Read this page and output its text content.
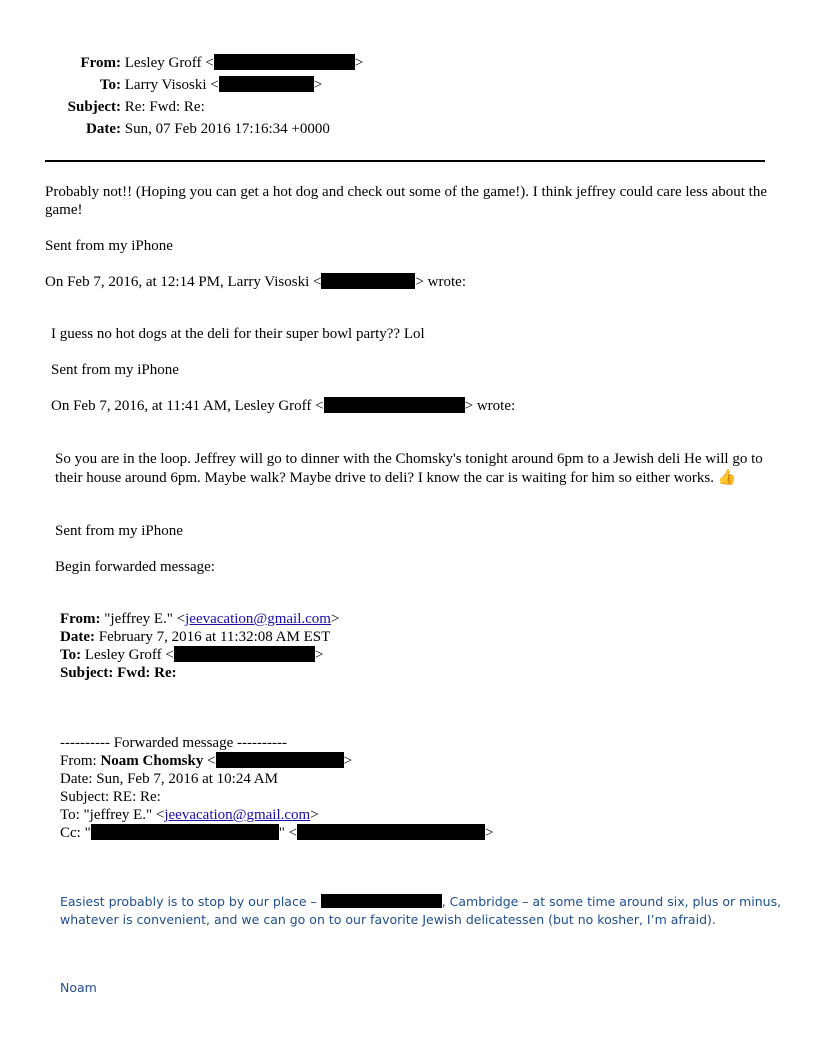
From: Lesley Groff <	>
To: Larry Visoski <	>
Subject: Re: Fwd: Re:
Date: Sun, 07 Feb 2016 17:16:34 +0000
Probably not!! (Hoping you can get a hot dog and check out some of the game!). I think jeffrey could care less about the game!
Sent from my iPhone
On Feb 7, 2016, at 12:14 PM, Larry Visoski <	> wrote:
I guess no hot dogs at the deli for their super bowl party?? Lol
Sent from my iPhone
On Feb 7, 2016, at 11:41 AM, Lesley Groff <	> wrote:
So you are in the loop. Jeffrey will go to dinner with the Chomsky's tonight around 6pm to a Jewish deli He will go to their house around 6pm. Maybe walk? Maybe drive to deli? I know the car is waiting for him so either works. 👍
Sent from my iPhone
Begin forwarded message:
From: "jeffrey E." <jeevacation@gmail.com>
Date: February 7, 2016 at 11:32:08 AM EST
To: Lesley Groff <	>
Subject: Fwd: Re:
---------- Forwarded message ----------
From: Noam Chomsky <	>
Date: Sun, Feb 7, 2016 at 10:24 AM
Subject: RE: Re:
To: "jeffrey E." <jeevacation@gmail.com>
Cc: "	" <	>
Easiest probably is to stop by our place –	, Cambridge – at some time around six, plus or minus,
whatever is convenient, and we can go on to our favorite Jewish delicatessen (but no kosher, I’m afraid).
Noam
